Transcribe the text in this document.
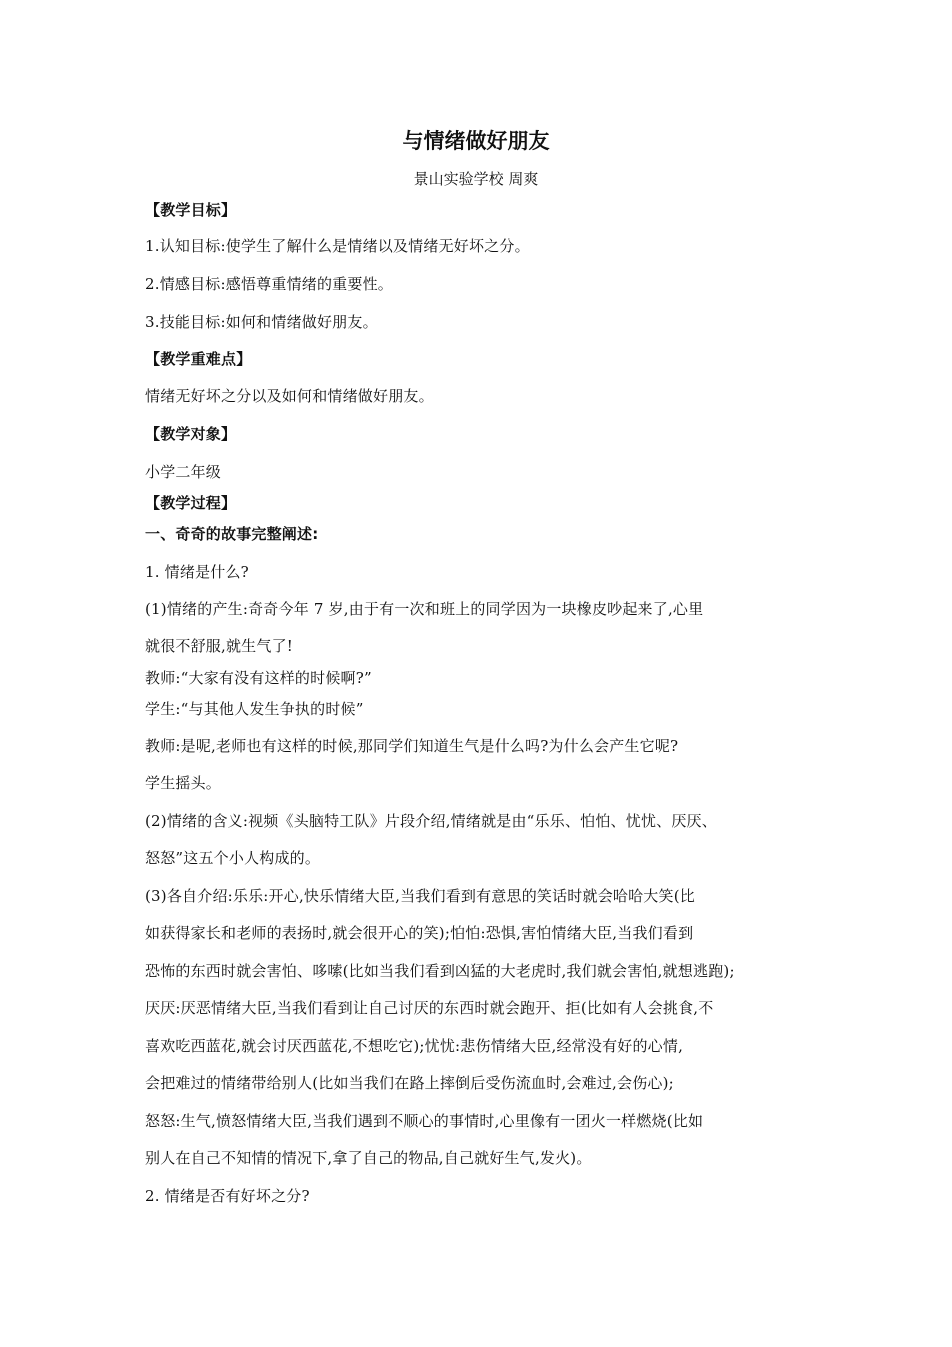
与情绪做好朋友
景山实验学校 周爽
【教学目标】
1.认知目标:使学生了解什么是情绪以及情绪无好坏之分。
2.情感目标:感悟尊重情绪的重要性。
3.技能目标:如何和情绪做好朋友。
【教学重难点】
情绪无好坏之分以及如何和情绪做好朋友。
【教学对象】
小学二年级
【教学过程】
一、奇奇的故事完整阐述:
1. 情绪是什么?
(1)情绪的产生:奇奇今年 7 岁,由于有一次和班上的同学因为一块橡皮吵起来了,心里
就很不舒服,就生气了!
教师:“大家有没有这样的时候啊?”
学生:“与其他人发生争执的时候”
教师:是呢,老师也有这样的时候,那同学们知道生气是什么吗?为什么会产生它呢?
学生摇头。
(2)情绪的含义:视频《头脑特工队》片段介绍,情绪就是由“乐乐、怕怕、忧忧、厌厌、
怒怒”这五个小人构成的。
(3)各自介绍:乐乐:开心,快乐情绪大臣,当我们看到有意思的笑话时就会哈哈大笑(比
如获得家长和老师的表扬时,就会很开心的笑);怕怕:恐惧,害怕情绪大臣,当我们看到
恐怖的东西时就会害怕、哆嗦(比如当我们看到凶猛的大老虎时,我们就会害怕,就想逃跑);
厌厌:厌恶情绪大臣,当我们看到让自己讨厌的东西时就会跑开、拒(比如有人会挑食,不
喜欢吃西蓝花,就会讨厌西蓝花,不想吃它);忧忧:悲伤情绪大臣,经常没有好的心情,
会把难过的情绪带给别人(比如当我们在路上摔倒后受伤流血时,会难过,会伤心);
怒怒:生气,愤怒情绪大臣,当我们遇到不顺心的事情时,心里像有一团火一样燃烧(比如
别人在自己不知情的情况下,拿了自己的物品,自己就好生气,发火)。
2. 情绪是否有好坏之分?
